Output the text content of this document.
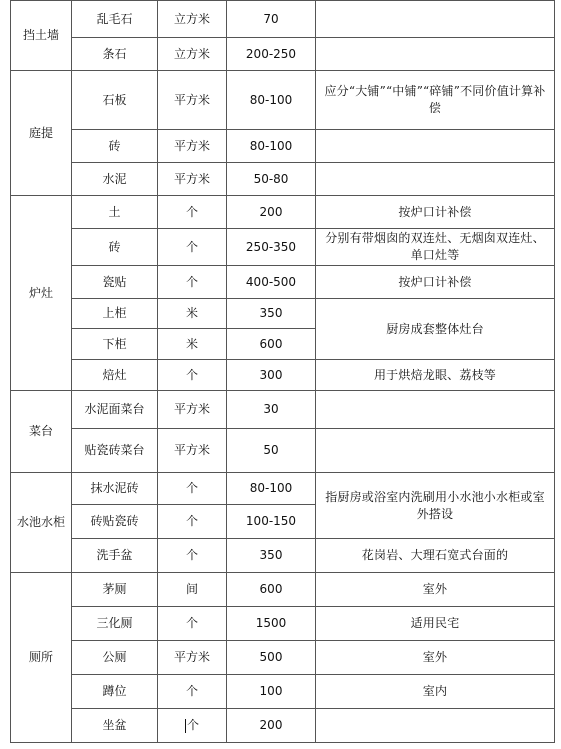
挡土墙	乱毛石	立方米	70	
	条石	立方米	200-250	
庭提	石板	平方米	80-100	应分“大铺”“中铺”“碎铺”不同价值计算补偿
	砖	平方米	80-100	
	水泥	平方米	50-80	
炉灶	土	个	200	按炉口计补偿
	砖	个	250-350	分别有带烟囱的双连灶、无烟囱双连灶、单口灶等
	瓷贴	个	400-500	按炉口计补偿
	上柜	米	350	厨房成套整体灶台
	下柜	米	600	
	焙灶	个	300	用于烘焙龙眼、荔枝等
菜台	水泥面菜台	平方米	30	
	贴瓷砖菜台	平方米	50	
水池水柜	抹水泥砖	个	80-100	指厨房或浴室内洗刷用小水池小水柜或室外搭设
	砖贴瓷砖	个	100-150	
	洗手盆	个	350	花岗岩、大理石宽式台面的
厕所	茅厕	间	600	室外
	三化厕	个	1500	适用民宅
	公厕	平方米	500	室外
	蹲位	个	100	室内
	坐盆	个	200	
